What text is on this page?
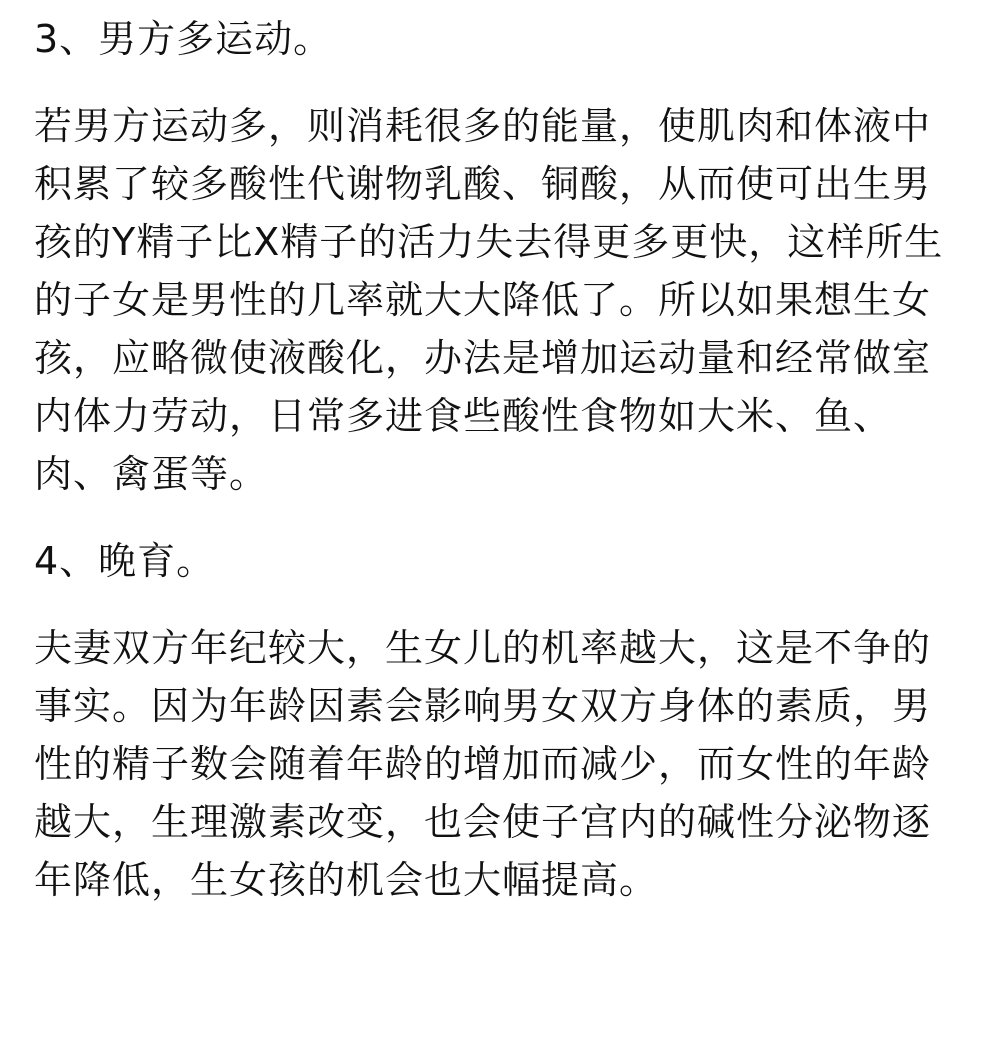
3、男方多运动。

若男方运动多，则消耗很多的能量，使肌肉和体液中积累了较多酸性代谢物乳酸、铜酸，从而使可出生男孩的Y精子比X精子的活力失去得更多更快，这样所生的子女是男性的几率就大大降低了。所以如果想生女孩，应略微使液酸化，办法是增加运动量和经常做室内体力劳动，日常多进食些酸性食物如大米、鱼、肉、禽蛋等。

4、晚育。

夫妻双方年纪较大，生女儿的机率越大，这是不争的事实。因为年龄因素会影响男女双方身体的素质，男性的精子数会随着年龄的增加而减少，而女性的年龄越大，生理激素改变，也会使子宫内的碱性分泌物逐年降低，生女孩的机会也大幅提高。
